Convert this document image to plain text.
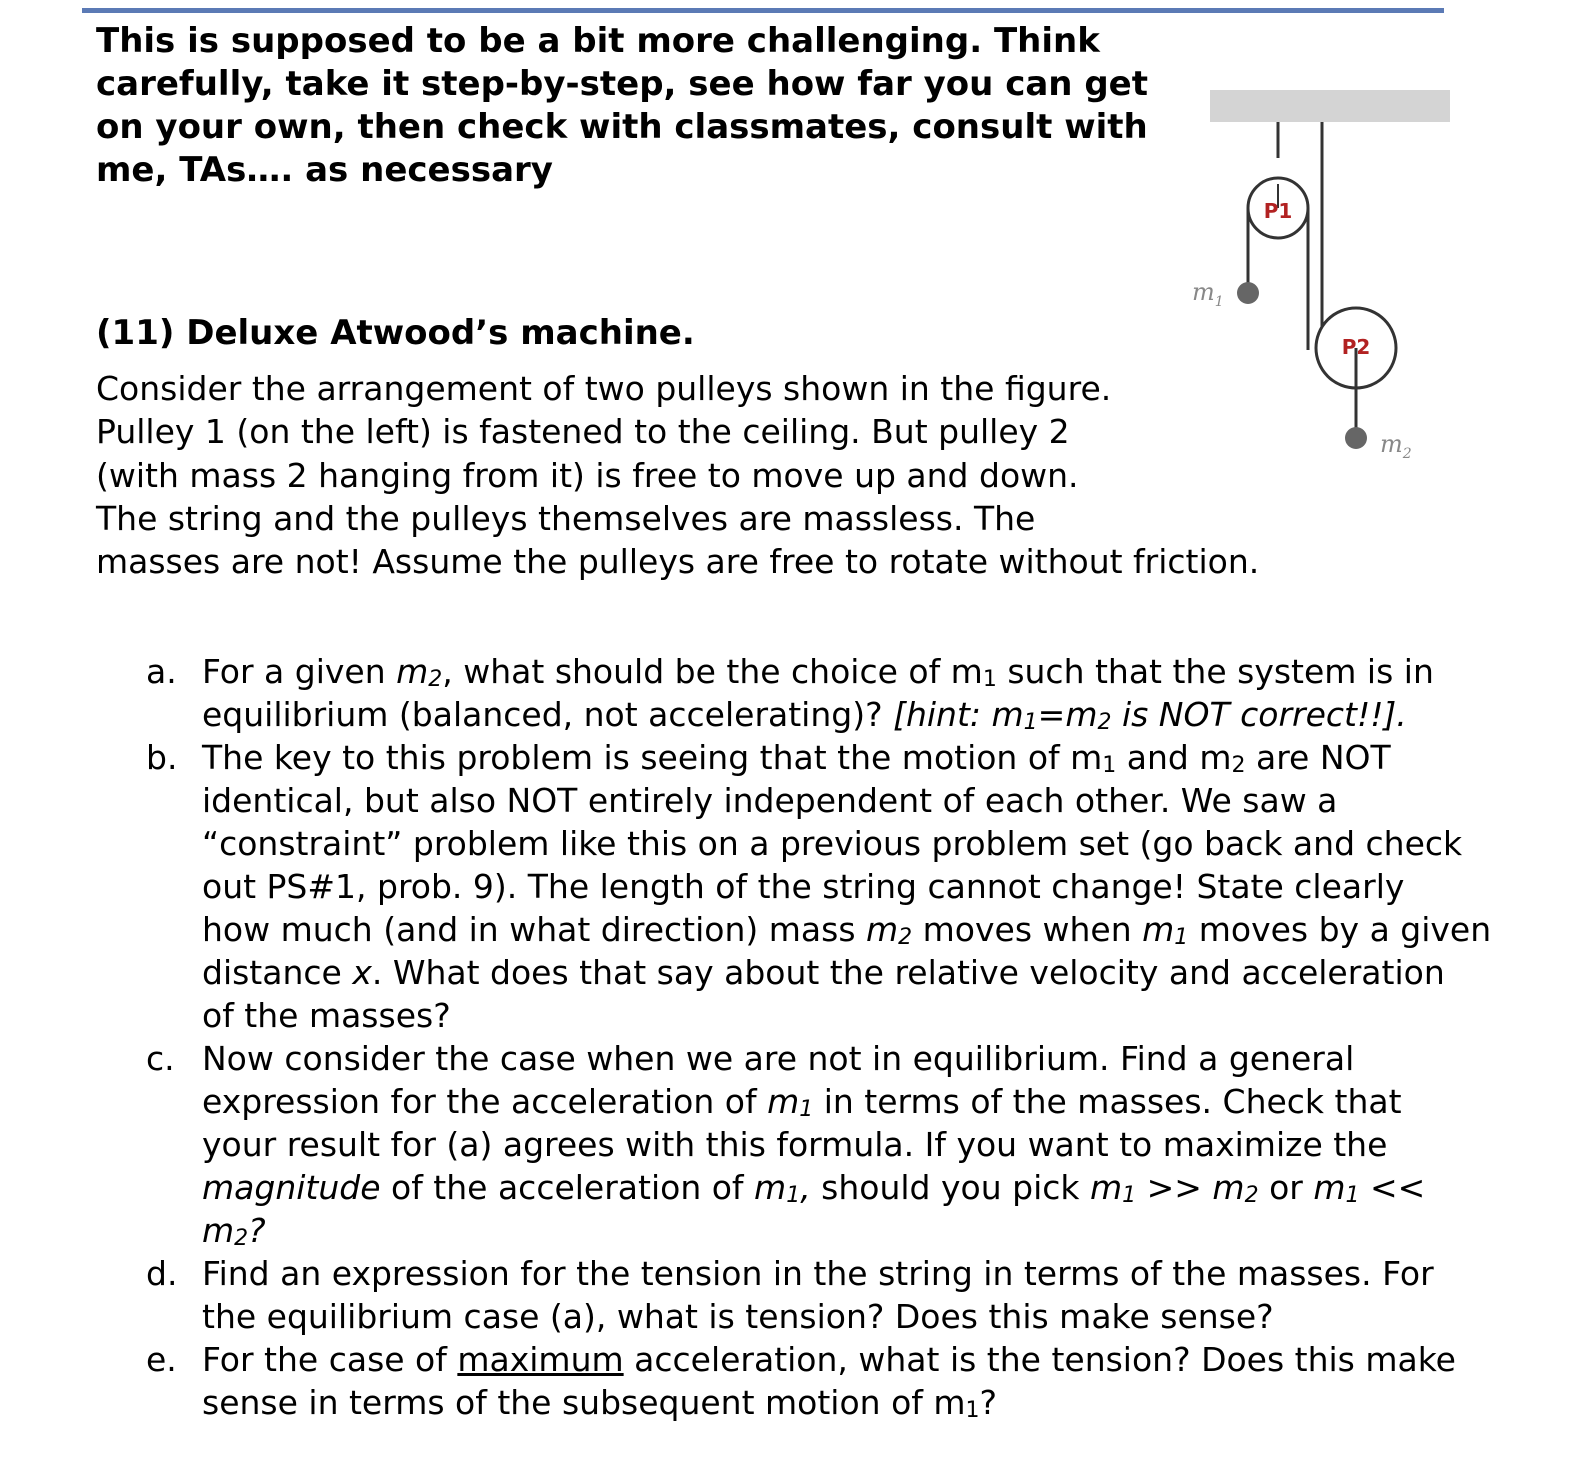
This is supposed to be a bit more challenging. Think
carefully, take it step-by-step, see how far you can get
on your own, then check with classmates, consult with
me, TAs…. as necessary

(11) Deluxe Atwood’s machine.

Consider the arrangement of two pulleys shown in the figure.
Pulley 1 (on the left) is fastened to the ceiling. But pulley 2
(with mass 2 hanging from it) is free to move up and down.
The string and the pulleys themselves are massless. The
masses are not! Assume the pulleys are free to rotate without friction.

P1
$m_1$
P2
$m_2$
a. For a given $m_2$, what should be the choice of $m_1$ such that the system is in
equilibrium (balanced, not accelerating)? [hint: $m_1=m_2$ is NOT correct!!].
b. The key to this problem is seeing that the motion of $m_1$ and $m_2$ are NOT
identical, but also NOT entirely independent of each other. We saw a
“constraint” problem like this on a previous problem set (go back and check
out PS#1, prob. 9). The length of the string cannot change! State clearly
how much (and in what direction) mass $m_2$ moves when $m_1$ moves by a given
distance x. What does that say about the relative velocity and acceleration
of the masses?
c. Now consider the case when we are not in equilibrium. Find a general
expression for the acceleration of $m_1$ in terms of the masses. Check that
your result for (a) agrees with this formula. If you want to maximize the
magnitude of the acceleration of $m_1$, should you pick $m_1 >> m_2$ or $m_1$ <<
$m_2$?
d. Find an expression for the tension in the string in terms of the masses. For
the equilibrium case (a), what is tension? Does this make sense?
e. For the case of maximum acceleration, what is the tension? Does this make
sense in terms of the subsequent motion of $m_1$?
